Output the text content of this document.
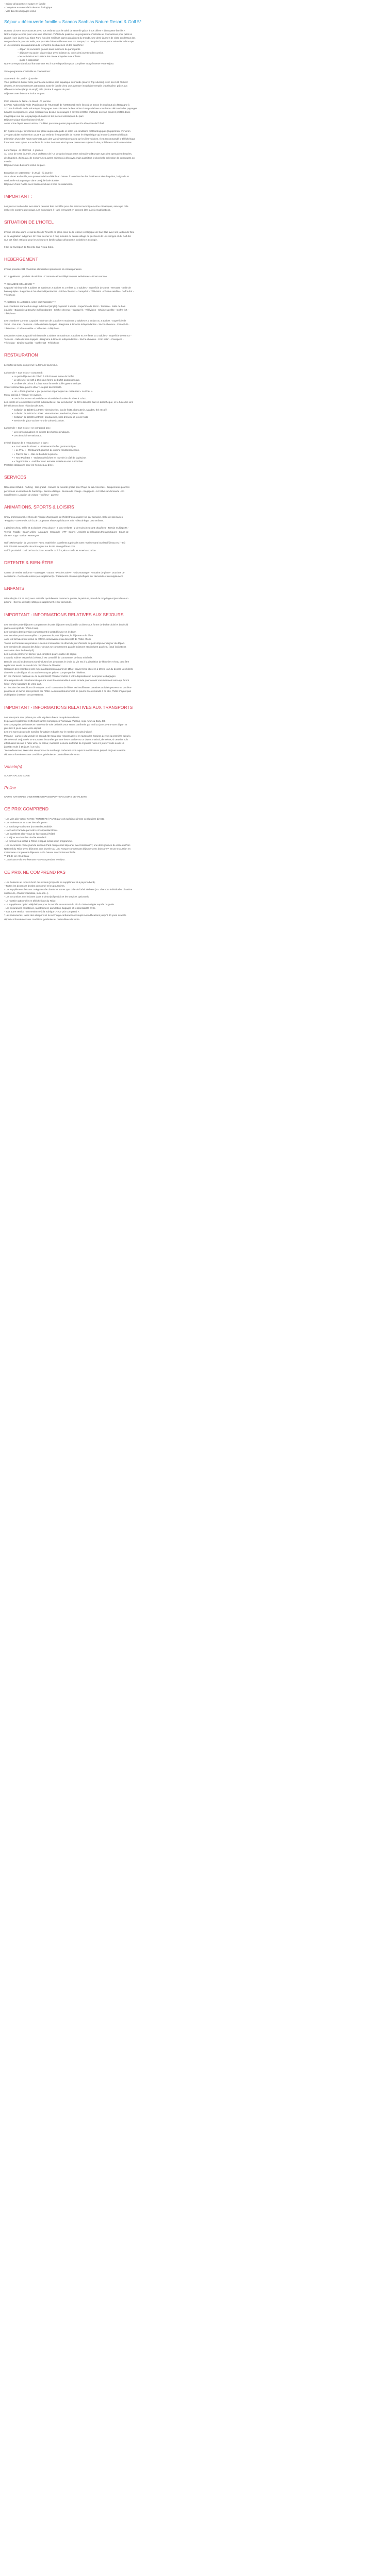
- Séjour découverte et nature en famille
- Complexe au cœur de la réserve écologique
- Vols directs à bagages inclus
Séjour « découverte famille » Sandos Sanblas Nature Resort & Golf 5*
Donnez du sens aux vacances avec vos enfants sous le soleil de Tenerife grâce à nos offres « découverte famille ».
Notre équipe a choisi pour vous une sélection d'hôtels de qualité et un programme d'activités et d'excursions pour petits et
grands : une journée au Siam Park, l'un des meilleurs parcs aquatiques du monde, une demi-journée de visite au-dessus des
nuages dans le parc du Teide, une journée d'émerveillement au Loro Parque, l'un des plus beaux parcs animaliers d'Europe
et une croisière en catamaran à la recherche des baleines et des dauphins :
– départ en excursion garanti sans minimum de participants
– déjeuner ou panier pique-nique avec boisson au cours des journées d'excursion.
– les activités et excursions les mieux adaptées aux enfants.
– guide à disposition
Notre correspondant local francophone est à votre disposition pour compléter et agrémenter votre séjour.
Votre programme d'activités et d'excursions :
Siam Park - le Lundi - 1 journée
Vous profiterez durant cette journée du meilleur parc aquatique au monde (source Trip Advisor). Avec ses 185 000 m2
de parc, et ses nombreuses attractions, toute la famille vivra une aventure inoubliable remplie d'adrénaline, grâce aux
différents modes (large et ampli) et la piscine à vagues du parc.
Déjeuner avec boissons inclus au parc.
Parc national du Teide - le Mardi - ½ journée
Le Parc National du Teide (Patrimoine de l'Humanité de l'UNESCO) est le lieu où se trouve le plus haut pic d'Espagne à
3.718m d'altitude et du volcanique d'Espagne. Les colonnes de lave et les champs de lave vous feront découvrir des paysages
lunaires exceptionnels. Vous monterez au-dessus des nuages à environ 2.000m d'altitude où vous pourrez profiter d'une
magnifique vue sur les paysages lunaires et les pierres volcaniques du parc.
Déjeuner pique-nique boisson incluse.
Avant votre départ en excursion, n'oubliez pas votre panier pique-nique à la réception de l'hôtel.
En Option à régler directement sur place auprès du guide et selon les conditions météorologiques (supplément d'environ
27 € par adulte et d'environ 13,50 € par enfant), il est possible de monter le téléphérique qui monte à 3000m d'altitude.
L'émotion d'une des hauts sommets avec des vues impressionnantes sur les îles voisines. Il est recommandé le téléphérique
fortement cette option aux enfants de moins de 8 ans ainsi qu'aux personnes sujettes à des problèmes cardio-vasculaires.
Loro Parque - le Mercredi - 1 journée
Au cœur de cette journée, vous profiterez de l'un des plus beaux parcs animaliers d'Europe avec des spectacles d'otaries,
de dauphins, d'oiseaux, de nombreuses autres animaux à découvrir, mais aussi tout le plus belle collection de perroquets au
monde.
Déjeuner avec boissons inclus au parc.
Excursion en catamaran - le Jeudi - ½ journée
Vous vivrez en famille, une promenade inoubliable en bateau à la recherche des baleines et des dauphins, baignade et
randonnée subaquatique dans une jolie baie abritée.
Déjeuner d'une Paëlla avec boisson incluse à bord du catamaran.
IMPORTANT :
Les jours et ordres des excursions peuvent être modifiés pour des raisons techniques et/ou climatiques, sans que cela
n'altère le contenu du voyage. Les excursions à Hawi et Havant en peuvent être sujet à modifications.
SITUATION DE L'HOTEL
L'hôtel est situé dans le sud de l'île de Tenerife en plein cœur de la réserve écologique de San Blas avec ses jardins de flore
et de végétation indigènes. En bord de mer et à cinq minutes du centre-village de pêcheurs de Los Abrigos et du Golf del
Sur, cet hôtel est idéal pour les séjours en famille alliant découverte, activités et écologie.
9 km de l'aéroport de Tenerife Sud Reina Sofia.
HEBERGEMENT
L'hôtel possède 331 chambres climatisées spacieuses et contemporaines.
En supplément : produits de minibar - Communications téléphoniques extérieures – Room service.
** CHAMBRE STANDARD **
Capacité minimum de 2 adultes et maximum 2 adultes et 1 enfant ou 3 adultes - Superficie de 35m2 - Terrasse - Salle de
bain équipée - Baignoire & Douche indépendantes - Sèche-cheveux - Canapé-lit - Télévision - Chaîne satellite - Coffre-fort -
Téléphone
** AUTRES CHAMBRES AVEC SUPPLEMENT **
Les chambres standard à usage individuel (single) Capacité 1 adulte - Superficie de 35m2 - Terrasse - Salle de bain
équipée - Baignoire & Douche indépendantes - Sèche-cheveux - Canapé-lit - Télévision - Chaîne satellite - Coffre-fort -
Téléphone
Les chambres vue mer Capacité minimum de 1 adulte et maximum 2 adultes et 1 enfant ou 3 adultes - Superficie de
35m2 - Vue mer - Terrasse - Salle de bain équipée - Baignoire & Douche indépendantes - Sèche-cheveux - Canapé-lit -
Télévision - Chaîne satellite - Coffre-fort - Téléphone
Les juniors suites Capacité minimum de 2 adultes et maximum 2 adultes et 2 enfants ou 3 adultes - Superficie de 60 m2 -
Terrasse - Salle de bain équipée - Baignoire & Douche indépendantes - Sèche-cheveux - Coin salon - Canapé-lit -
Télévision - Chaîne satellite - Coffre-fort - Téléphone
RESTAURATION
Le forfait de base comprend : la formule tout inclus.
La formule « tout inclus » comprend :
• Le petit-déjeuner de 07h00 à 10h30 sous forme de buffet.
• Le déjeuner de 13h à 15h sous forme de buffet gastronomique.
• Le dîner de 18h45 à 21h15 sous forme de buffet gastronomique.
Code vestimentaire pour le dîner : élégant décontracté.
• Un « dîner gourmet » par personne et par séjour au restaurant « Le Prau ».
Menu spécial à réserver en avance.
• Les boissons non alcoolisées et alcoolisées locales de 8h00 à 23h00.
Les clients et les chambres seront individuelles et par la réduction de 50% dans les bars et discothèque, et le hôte des vins
bénéficieront d'une réduction de 30%.
• Collation de 11h00 à 13h00 : viennoiseries, jus de fruits, charcuterie, salades, thé et café.
• Collation de 16h00 à 18h00 : viennoiseries, sandwichs, thé et café.
• Collation de 22h30 à 23h30 : sandwiches, hors d'œuvre et jus de fruits
• Service de glace au bar Toro de 10h00 à 18h00.
La formule « tout inclus » ne comprend pas :
• Les consommations en dehors des horaires indiqués.
• Les alcools internationaux.
L'hôtel dispose de 2 restaurants et 3 bars :
• « La Cueva de Alonso » - Restaurant buffet gastronomique.
• « Le Prau » - Restaurant gourmet de cuisine méditerranéenne.
• « Piazza Bar » - Bar au bord de la piscine.
• « Toro Pool Bar » - Boissons fraîches en journée à côté de la piscine.
• « Tagoror Bar » - Hall bar avec terrasse extérieure vue sur l'océan.
Pantalon obligatoire pour les hommes au dîner.
SERVICES
Réception 24h/24 - Parking - Wifi gratuit - Service de navette gratuit pour Playa de las Americas - Équipements pour les
personnes en situation de handicap - Service d'étage - Bureau de change - Bagagerie - Lit bébé sur demande - En
supplément : Location de voiture - Coiffeur - Laverie
ANIMATIONS, SPORTS & LOISIRS
Show professionnel et show de l'équipe d'animation de l'hôtel trois à quatre fois par semaine. Salle de spectacles
"Pingüino" ouverte de 20h à 23h proposant shows spéciaux et mini - discothèque pour enfants.
4 piscines d'eau salée et 2 piscines d'eau douce - 2 pour enfants - 2 de 8 piscines sont chauffées - Terrain multisports -
Tennis - Paddle - Beach-volley - Aquagym - Escalade - VTT - Sports - Activités de relaxation thérapeutiques - Cours de
danse - Yoga - Salsa - Merengue
Golf : Réservation de vos Green Fees, matériel et transferts auprès de notre représentant local Golf@mao eu (+34)
922 735 695 ou auprès de votre agent sur le site www.golfmao.com
Golf à proximité : Golf Del Sur à 2km - Amarilla Golf à 2,5km - Golf Las Americas 25 km
DETENTE & BIEN-ÊTRE
Centre de remise en forme - Massages - Sauna - Piscine active - Hydromassage - Fontaine de glace - Douches de
sensations - Centre de remise (en supplément) - Traitements et soins spécifiques sur demande et en supplément.
ENFANTS
Miniclub (de 4 à 12 ans) avec activités quotidiennes comme la puzzle, la peinture, travail de recyclage et jeux d'eau en
piscine - Service de baby-sitting en supplément et sur demande.
IMPORTANT - INFORMATIONS RELATIVES AUX SEJOURS
Les formules petit-déjeuner comprennent le petit déjeuner servi à table ou bien sous forme de buffet choisi et bus froid
(selon descriptif de l'hôtel choisi).
Les formules demi-pension comprennent le petit déjeuner et le dîner.
Les formules pension complète comprennent le petit déjeuner, le déjeuner et le dîner.
Avec les formules tout inclus se référer exclusivement au descriptif de l'hôtel choisi.
Toutes les formules de pension ci-dessus s'entendent du dîner du jour d'arrivée au petit déjeuner du jour du départ.
Les formules de pension des fois ci-dessus ne comprennent pas de boissons et n'incluent pas l'eau (sauf indications
contraires dans le descriptif).
Les nuits du premier et dernier jour comptent pour 1 nuitée de séjour.
L'eau du robinet est parfois à éviter, il est conseillé de consommer de l'eau minérale.
Dans le cas où les boissons sont incluses lors des repas le choix du vin est à la discrétion de l'hôtelier et l'eau peut être
également servie en carafe à la discrétion de l'hôtelier.
Certaines des chambres sont mises à disposition à partir de 15h et doivent être libérées à 10h le jour du départ. Les hôtels
d'arrivée ou de départ tôt ou tard ne sont pas pris en compte par les hôteliers.
En cas d'arrivée matinale ou de départ tardif, l'hôtelier mettra à votre disposition un local pour les bagages.
Une empreinte de carte bancaire pourra vous être demandée à votre arrivée pour couvrir vos éventuels extra qui feront
l'objet d'une signature de votre part.
En fonction des conditions climatiques ou si l'occupation de l'hôtel est insuffisante, certaines activités peuvent ne pas être
proposées et même sans préavis par l'hôtel. Aucun remboursement ne pourra être demandé à ce titre, l'hôtel n'ayant pas
d'obligation d'assurer ces prestations.
IMPORTANT - INFORMATIONS RELATIVES AUX TRANSPORTS
Les transports sont prévus par vols réguliers directs ou spéciaux directs.
Ils peuvent également s'effectuer sur les compagnies Transavia, Vueling, Aigle Azur ou Easy Jet.
Les compagnies aériennes et numéros de vols définitifs vous seront confirmés par mail 15 jours avant votre départ et
plus tard 3 jours avant votre départ.
Les prix sont calculés de manière forfaitaire et basés sur le nombre de nuits indiqué.
Paname - Lumière du Monde ne saurait être tenu pour responsable si en raison des horaires de vols la première et/ou la
dernière nuit ou journée se trouvaient écourtées par une heure tardive ou un départ matinal, de même, si certains vols
effectuaient de nuit à l'aller et/ou au retour, modifiant la durée du forfait de 8 jours/7 nuits à 9 jours/7 nuits ou de 15
jours/14 nuits à 16 jours / 14 nuits.
"Les redevances, taxes des aéroports et la surcharge carburant sont sujets à modifications jusqu'à 30 jours avant le
départ conformément aux conditions générales et particulières de vente.
Vaccin(s)
AUCUN VACCIN EXIGE
Police
CARTE NATIONALE D'IDENTITE OU PASSEPORT EN COURS DE VALIDITE
CE PRIX COMPREND
- Les vols aller-retour PARIS / TENERIFE / PARIS par vols spéciaux directs ou réguliers directs.
- Les redevances et taxes des aéroports*.
- La surcharge carburant (non remboursable)*.
- L'accueil à l'arrivée par notre correspondant local.
- Les transferts aller-retour de l'aéroport à l'hôtel.
- Le séjour en chambre double standard.
- La formule tout inclus à l'hôtel et repas inclus selon programme.
- Les excursions : Une journée au Siam Park comprenant déjeuner avec boissons** ; une demi-journée de visite du Parc
National du Teide avec déjeuner, une journée au Loro Parque comprenant déjeuner avec boissons** et une excursion en
Catamaran comprenant déjeuner sur le bateau avec boissons filtrés.
** 1/4 de vin et 1/2 l'eau
- L'assistance du représentant FLANEO pendant le séjour.
CE PRIX NE COMPREND PAS
- Les boissons et repas à bord des avions (proposés en supplément et à payer à bord).
- Toutes les dépenses d'ordre personnel et les pourboires.
- Les suppléments liés aux catégories de chambres autres que celle du forfait de base (Ex. chambre individuelle, chambre
supérieure, chambre familiale, suite etc...).
- Les excursions non incluses dans le descriptif produit et les services optionnels.
- La montée optionnelle en téléphérique du Teide.
- Le supplément option téléphérique pour la montée au sommet du Pic du Teide à régler auprès du guide.
- Les assurances assistance, rapatriement, annulation, bagages et responsabilité civile.
- Tout autre service non mentionné à la rubrique : « Ce prix comprend ».
* Les redevances, taxes des aéroports et la surcharge carburant sont sujets à modifications jusqu'à 30 jours avant le
départ conformément aux conditions générales et particulières de vente.
